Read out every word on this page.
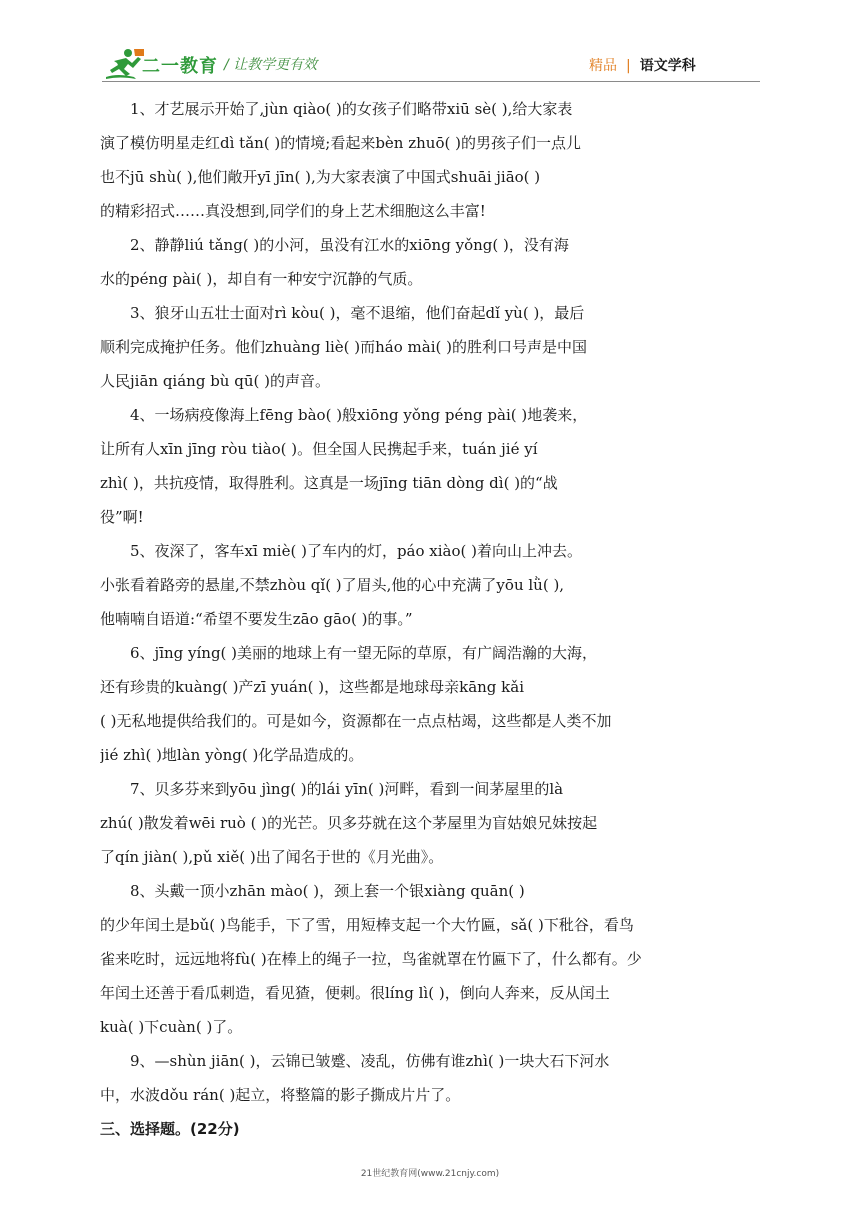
二一教育 / 让教学更有效	精品 | 语文学科
1、才艺展示开始了,jùn qiào( )的女孩子们略带xiū sè( ),给大家表
演了模仿明星走红dì tǎn( )的情境;看起来bèn zhuō( )的男孩子们一点儿
也不jū shù( ),他们敞开yī jīn( ),为大家表演了中国式shuāi jiāo( )
的精彩招式……真没想到,同学们的身上艺术细胞这么丰富!
2、静静liú tǎng( )的小河，虽没有江水的xiōng yǒng( )，没有海
水的péng pài( )，却自有一种安宁沉静的气质。
3、狼牙山五壮士面对rì kòu( )，毫不退缩，他们奋起dǐ yù( )，最后
顺利完成掩护任务。他们zhuàng liè( )而háo mài( )的胜利口号声是中国
人民jiān qiáng bù qū( )的声音。
4、一场病疫像海上fēng bào( )般xiōng yǒng péng pài( )地袭来，
让所有人xīn jīng ròu tiào( )。但全国人民携起手来，tuán jié yí
zhì( )，共抗疫情，取得胜利。这真是一场jīng tiān dòng dì( )的“战
役”啊!
5、夜深了，客车xī miè( )了车内的灯，páo xiào( )着向山上冲去。
小张看着路旁的悬崖,不禁zhòu qǐ( )了眉头,他的心中充满了yōu lǜ( ),
他喃喃自语道:“希望不要发生zāo gāo( )的事。”
6、jīng yíng( )美丽的地球上有一望无际的草原，有广阔浩瀚的大海，
还有珍贵的kuàng( )产zī yuán( )，这些都是地球母亲kāng kǎi
( )无私地提供给我们的。可是如今，资源都在一点点枯竭，这些都是人类不加
jié zhì( )地làn yòng( )化学品造成的。
7、贝多芬来到yōu jìng( )的lái yīn( )河畔，看到一间茅屋里的là
zhú( )散发着wēi ruò ( )的光芒。贝多芬就在这个茅屋里为盲姑娘兄妹按起
了qín jiàn( ),pǔ xiě( )出了闻名于世的《月光曲》。
8、头戴一顶小zhān mào( )，颈上套一个银xiàng quān( )
的少年闰土是bǔ( )鸟能手，下了雪，用短棒支起一个大竹匾，sǎ( )下秕谷，看鸟
雀来吃时，远远地将fù( )在棒上的绳子一拉，鸟雀就罩在竹匾下了，什么都有。少
年闰土还善于看瓜刺造，看见猹，便刺。很líng lì( )，倒向人奔来，反从闰土
kuà( )下cuàn( )了。
9、—shùn jiān( )，云锦已皱蹙、凌乱，仿佛有谁zhì( )一块大石下河水
中，水波dǒu rán( )起立，将整篇的影子撕成片片了。
三、选择题。(22分)
21世纪教育网(www.21cnjy.com)
